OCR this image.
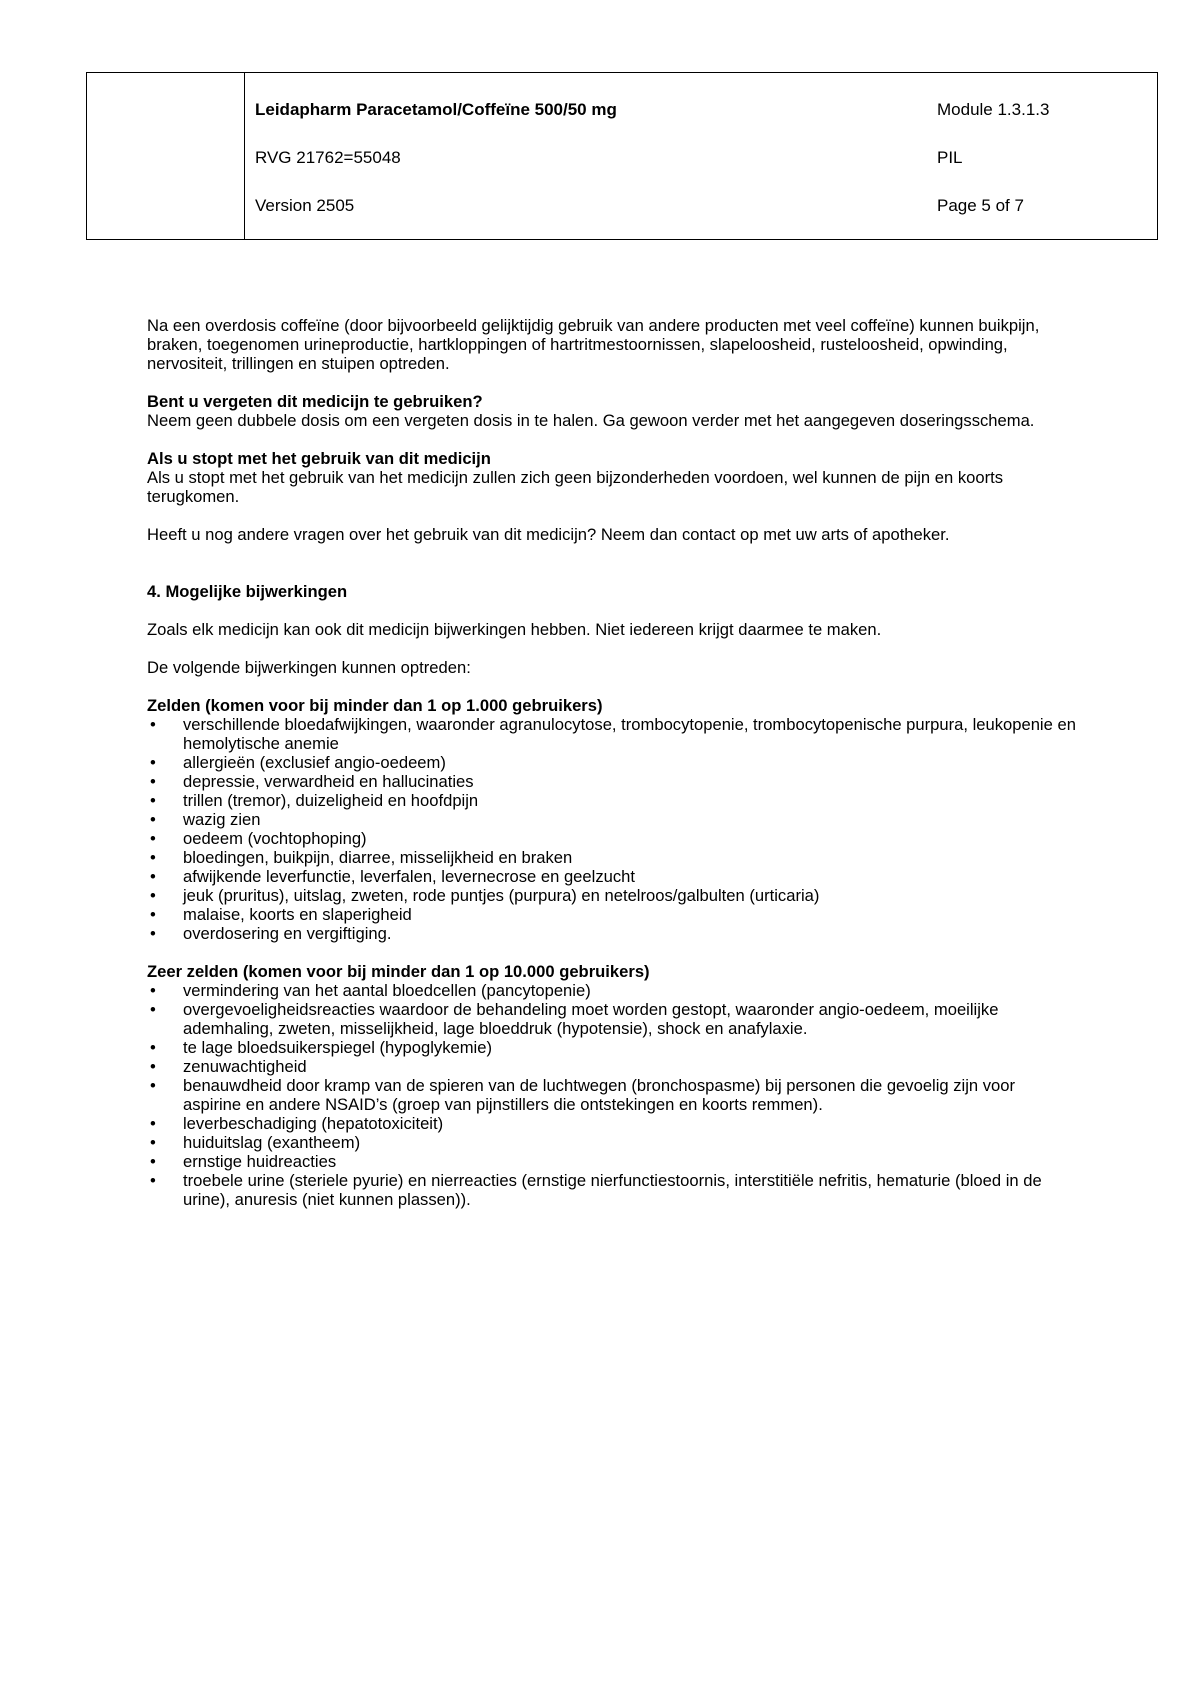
Leidapharm Paracetamol/Coffeïne 500/50 mg
RVG 21762=55048
Version 2505
Module 1.3.1.3
PIL
Page 5 of 7

Na een overdosis coffeïne (door bijvoorbeeld gelijktijdig gebruik van andere producten met veel coffeïne) kunnen buikpijn, braken, toegenomen urineproductie, hartkloppingen of hartritmestoornissen, slapeloosheid, rusteloosheid, opwinding, nervositeit, trillingen en stuipen optreden.

Bent u vergeten dit medicijn te gebruiken?

Neem geen dubbele dosis om een vergeten dosis in te halen. Ga gewoon verder met het aangegeven doseringsschema.

Als u stopt met het gebruik van dit medicijn

Als u stopt met het gebruik van het medicijn zullen zich geen bijzonderheden voordoen, wel kunnen de pijn en koorts terugkomen.

Heeft u nog andere vragen over het gebruik van dit medicijn? Neem dan contact op met uw arts of apotheker.

4. Mogelijke bijwerkingen

Zoals elk medicijn kan ook dit medicijn bijwerkingen hebben. Niet iedereen krijgt daarmee te maken.

De volgende bijwerkingen kunnen optreden:

Zelden (komen voor bij minder dan 1 op 1.000 gebruikers)
• verschillende bloedafwijkingen, waaronder agranulocytose, trombocytopenie, trombocytopenische purpura, leukopenie en hemolytische anemie
• allergieën (exclusief angio-oedeem)
• depressie, verwardheid en hallucinaties
• trillen (tremor), duizeligheid en hoofdpijn
• wazig zien
• oedeem (vochtophoping)
• bloedingen, buikpijn, diarree, misselijkheid en braken
• afwijkende leverfunctie, leverfalen, levernecrose en geelzucht
• jeuk (pruritus), uitslag, zweten, rode puntjes (purpura) en netelroos/galbulten (urticaria)
• malaise, koorts en slaperigheid
• overdosering en vergiftiging.
Zeer zelden (komen voor bij minder dan 1 op 10.000 gebruikers)
• vermindering van het aantal bloedcellen (pancytopenie)
• overgevoeligheidsreacties waardoor de behandeling moet worden gestopt, waaronder angio-oedeem, moeilijke ademhaling, zweten, misselijkheid, lage bloeddruk (hypotensie), shock en anafylaxie.
• te lage bloedsuikerspiegel (hypoglykemie)
• zenuwachtigheid
• benauwdheid door kramp van de spieren van de luchtwegen (bronchospasme) bij personen die gevoelig zijn voor aspirine en andere NSAID’s (groep van pijnstillers die ontstekingen en koorts remmen).
• leverbeschadiging (hepatotoxiciteit)
• huiduitslag (exantheem)
• ernstige huidreacties
• troebele urine (steriele pyurie) en nierreacties (ernstige nierfunctiestoornis, interstitiële nefritis, hematurie (bloed in de urine), anuresis (niet kunnen plassen)).
